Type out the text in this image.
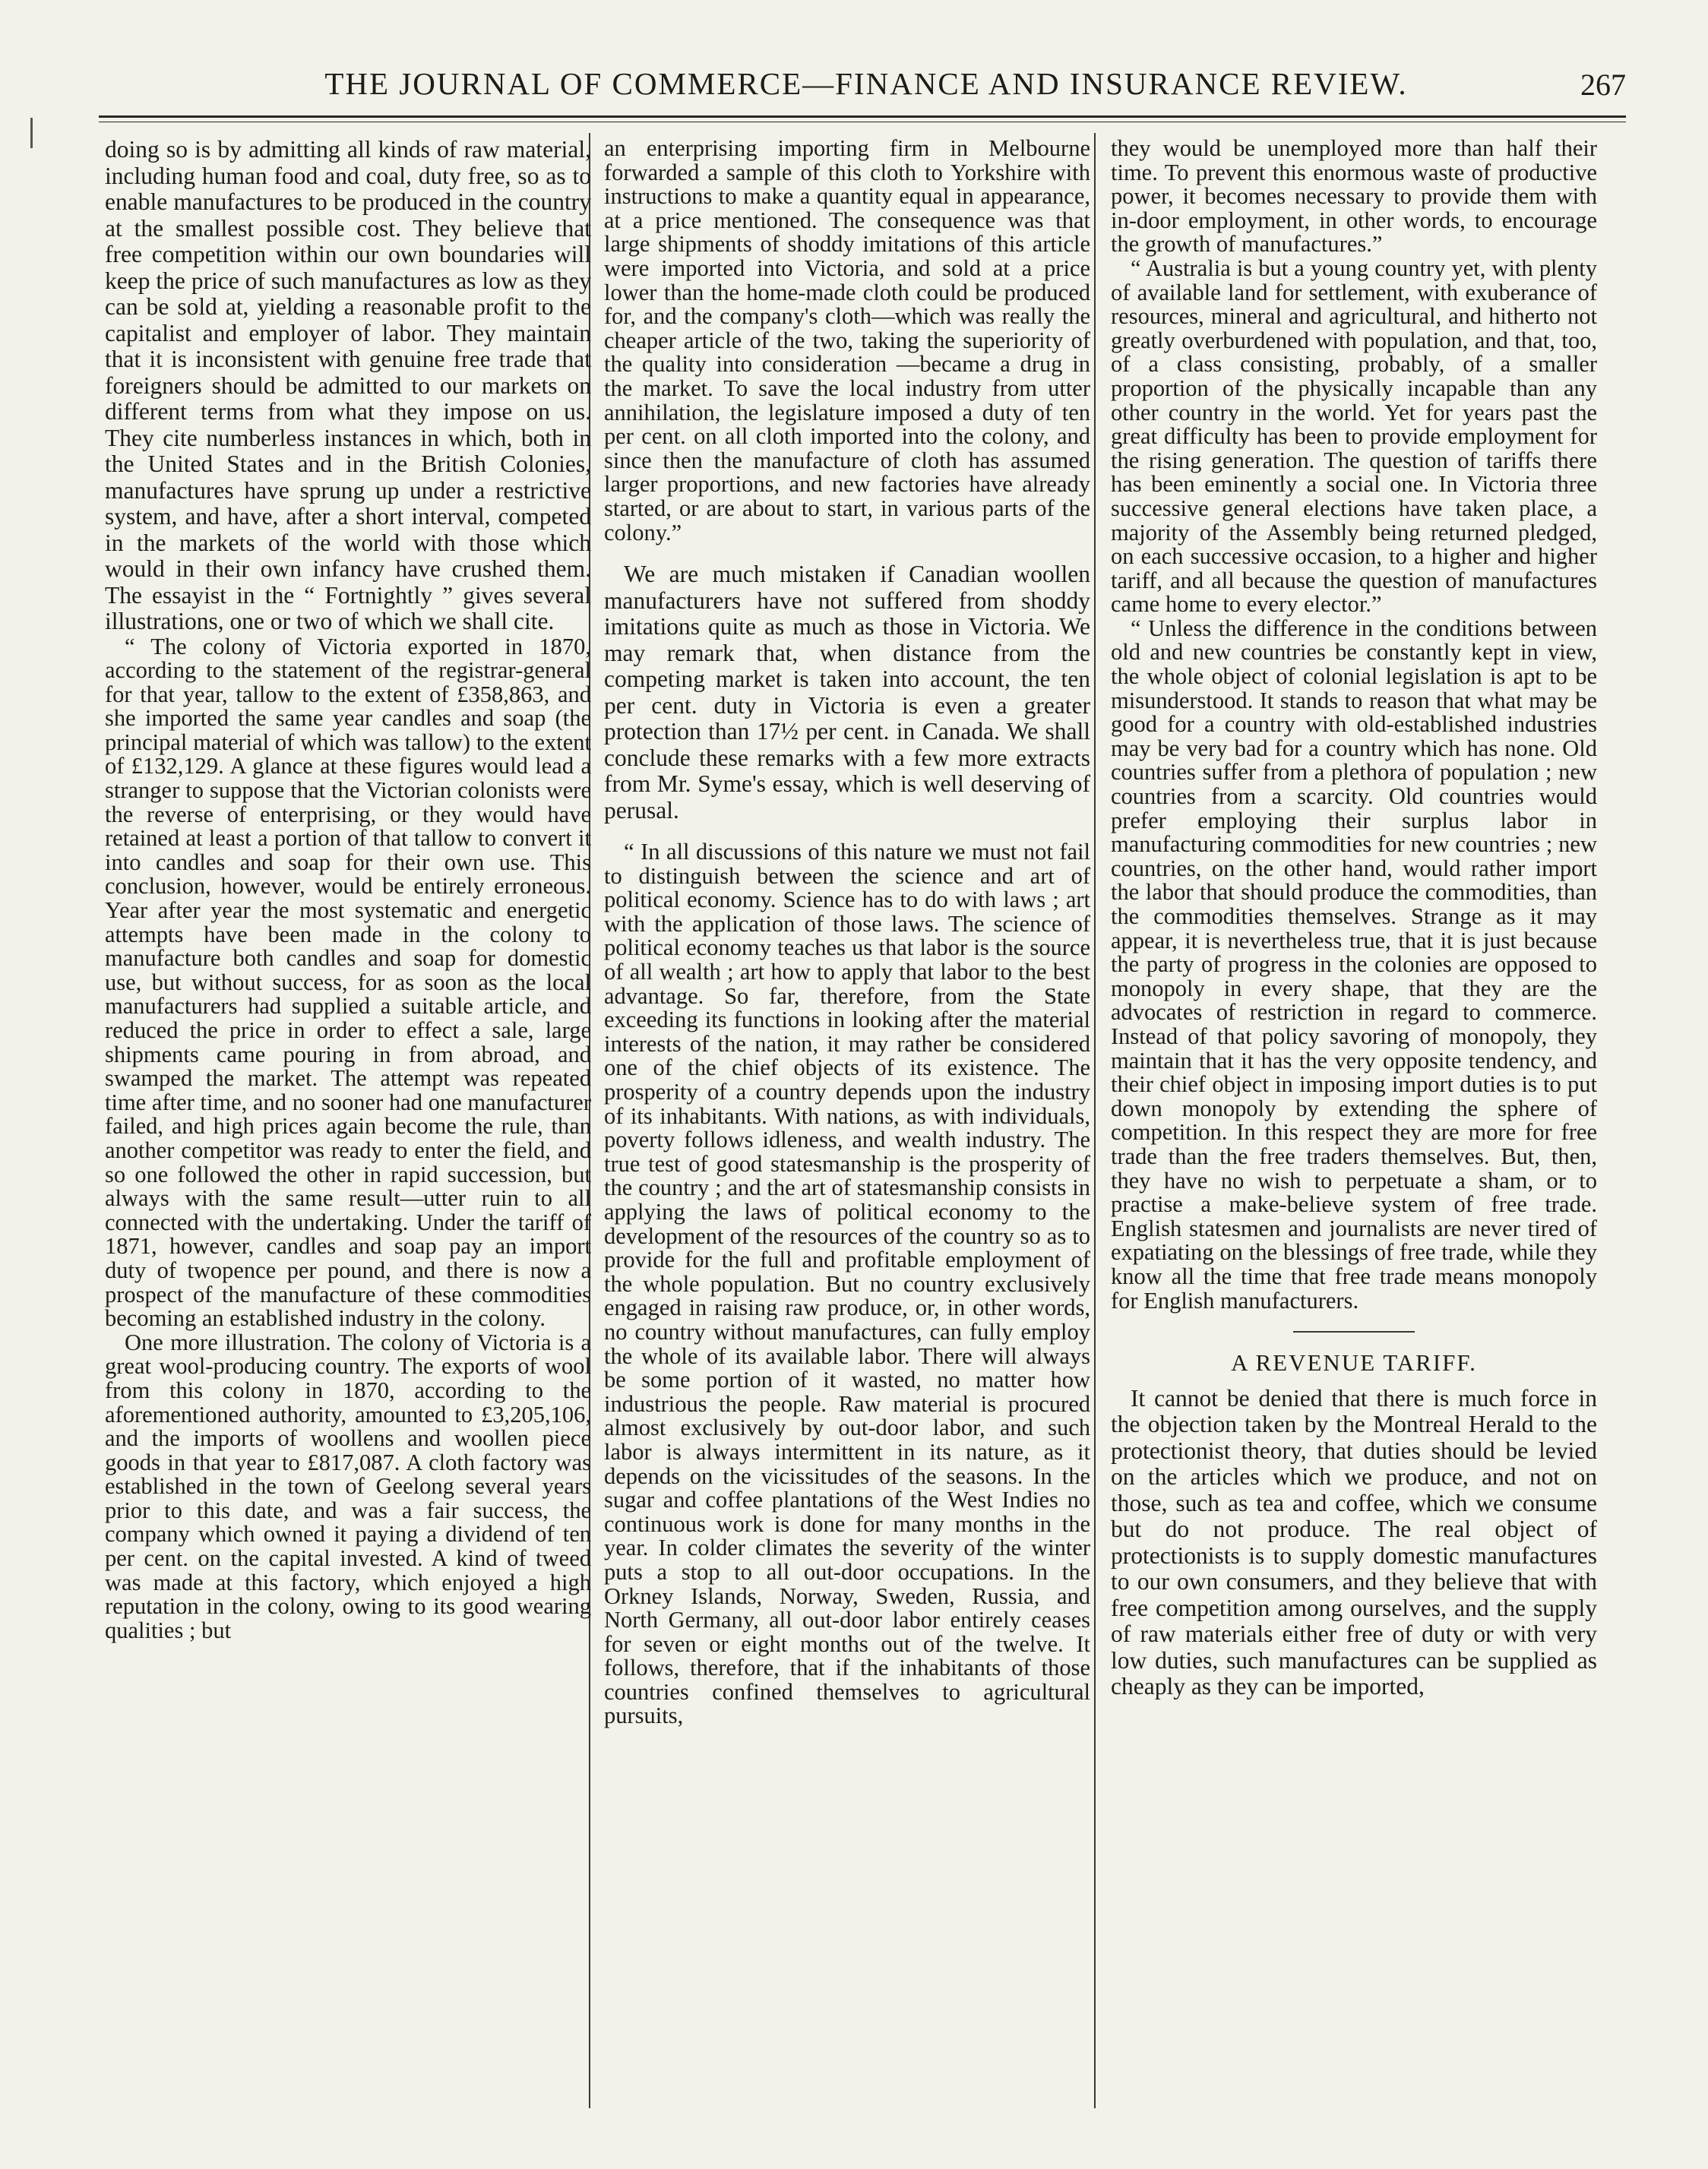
THE JOURNAL OF COMMERCE—FINANCE AND INSURANCE REVIEW.	267

doing so is by admitting all kinds of raw material, including human food and coal, duty free, so as to enable manufactures to be produced in the country at the smallest possible cost. They believe that free competition within our own boundaries will keep the price of such manufactures as low as they can be sold at, yielding a reasonable profit to the capitalist and employer of labor. They maintain that it is inconsistent with genuine free trade that foreigners should be admitted to our markets on different terms from what they impose on us. They cite numberless instances in which, both in the United States and in the British Colonies, manufactures have sprung up under a restrictive system, and have, after a short interval, competed in the markets of the world with those which would in their own infancy have crushed them. The essayist in the “ Fortnightly ” gives several illustrations, one or two of which we shall cite.

“ The colony of Victoria exported in 1870, according to the statement of the registrar-general for that year, tallow to the extent of £358,863, and she imported the same year candles and soap (the principal material of which was tallow) to the extent of £132,129. A glance at these figures would lead a stranger to suppose that the Victorian colonists were the reverse of enterprising, or they would have retained at least a portion of that tallow to convert it into candles and soap for their own use. This conclusion, however, would be entirely erroneous. Year after year the most systematic and energetic attempts have been made in the colony to manufacture both candles and soap for domestic use, but without success, for as soon as the local manufacturers had supplied a suitable article, and reduced the price in order to effect a sale, large shipments came pouring in from abroad, and swamped the market. The attempt was repeated time after time, and no sooner had one manufacturer failed, and high prices again become the rule, than another competitor was ready to enter the field, and so one followed the other in rapid succession, but always with the same result—utter ruin to all connected with the undertaking. Under the tariff of 1871, however, candles and soap pay an import duty of twopence per pound, and there is now a prospect of the manufacture of these commodities becoming an established industry in the colony.

One more illustration. The colony of Victoria is a great wool-producing country. The exports of wool from this colony in 1870, according to the aforementioned authority, amounted to £3,205,106, and the imports of woollens and woollen piece goods in that year to £817,087. A cloth factory was established in the town of Geelong several years prior to this date, and was a fair success, the company which owned it paying a dividend of ten per cent. on the capital invested. A kind of tweed was made at this factory, which enjoyed a high reputation in the colony, owing to its good wearing qualities ; but

an enterprising importing firm in Melbourne forwarded a sample of this cloth to Yorkshire with instructions to make a quantity equal in appearance, at a price mentioned. The consequence was that large shipments of shoddy imitations of this article were imported into Victoria, and sold at a price lower than the home-made cloth could be produced for, and the company's cloth—which was really the cheaper article of the two, taking the superiority of the quality into consideration —became a drug in the market. To save the local industry from utter annihilation, the legislature imposed a duty of ten per cent. on all cloth imported into the colony, and since then the manufacture of cloth has assumed larger proportions, and new factories have already started, or are about to start, in various parts of the colony.”

We are much mistaken if Canadian woollen manufacturers have not suffered from shoddy imitations quite as much as those in Victoria. We may remark that, when distance from the competing market is taken into account, the ten per cent. duty in Victoria is even a greater protection than 17½ per cent. in Canada. We shall conclude these remarks with a few more extracts from Mr. Syme's essay, which is well deserving of perusal.

“ In all discussions of this nature we must not fail to distinguish between the science and art of political economy. Science has to do with laws ; art with the application of those laws. The science of political economy teaches us that labor is the source of all wealth ; art how to apply that labor to the best advantage. So far, therefore, from the State exceeding its functions in looking after the material interests of the nation, it may rather be considered one of the chief objects of its existence. The prosperity of a country depends upon the industry of its inhabitants. With nations, as with individuals, poverty follows idleness, and wealth industry. The true test of good statesmanship is the prosperity of the country ; and the art of statesmanship consists in applying the laws of political economy to the development of the resources of the country so as to provide for the full and profitable employment of the whole population. But no country exclusively engaged in raising raw produce, or, in other words, no country without manufactures, can fully employ the whole of its available labor. There will always be some portion of it wasted, no matter how industrious the people. Raw material is procured almost exclusively by out-door labor, and such labor is always intermittent in its nature, as it depends on the vicissitudes of the seasons. In the sugar and coffee plantations of the West Indies no continuous work is done for many months in the year. In colder climates the severity of the winter puts a stop to all out-door occupations. In the Orkney Islands, Norway, Sweden, Russia, and North Germany, all out-door labor entirely ceases for seven or eight months out of the twelve. It follows, therefore, that if the inhabitants of those countries confined themselves to agricultural pursuits,

they would be unemployed more than half their time. To prevent this enormous waste of productive power, it becomes necessary to provide them with in-door employment, in other words, to encourage the growth of manufactures.”

“ Australia is but a young country yet, with plenty of available land for settlement, with exuberance of resources, mineral and agricultural, and hitherto not greatly overburdened with population, and that, too, of a class consisting, probably, of a smaller proportion of the physically incapable than any other country in the world. Yet for years past the great difficulty has been to provide employment for the rising generation. The question of tariffs there has been eminently a social one. In Victoria three successive general elections have taken place, a majority of the Assembly being returned pledged, on each successive occasion, to a higher and higher tariff, and all because the question of manufactures came home to every elector.”

“ Unless the difference in the conditions between old and new countries be constantly kept in view, the whole object of colonial legislation is apt to be misunderstood. It stands to reason that what may be good for a country with old-established industries may be very bad for a country which has none. Old countries suffer from a plethora of population ; new countries from a scarcity. Old countries would prefer employing their surplus labor in manufacturing commodities for new countries ; new countries, on the other hand, would rather import the labor that should produce the commodities, than the commodities themselves. Strange as it may appear, it is nevertheless true, that it is just because the party of progress in the colonies are opposed to monopoly in every shape, that they are the advocates of restriction in regard to commerce. Instead of that policy savoring of monopoly, they maintain that it has the very opposite tendency, and their chief object in imposing import duties is to put down monopoly by extending the sphere of competition. In this respect they are more for free trade than the free traders themselves. But, then, they have no wish to perpetuate a sham, or to practise a make-believe system of free trade. English statesmen and journalists are never tired of expatiating on the blessings of free trade, while they know all the time that free trade means monopoly for English manufacturers.

A REVENUE TARIFF.

It cannot be denied that there is much force in the objection taken by the Montreal Herald to the protectionist theory, that duties should be levied on the articles which we produce, and not on those, such as tea and coffee, which we consume but do not produce. The real object of protectionists is to supply domestic manufactures to our own consumers, and they believe that with free competition among ourselves, and the supply of raw materials either free of duty or with very low duties, such manufactures can be supplied as cheaply as they can be imported,
